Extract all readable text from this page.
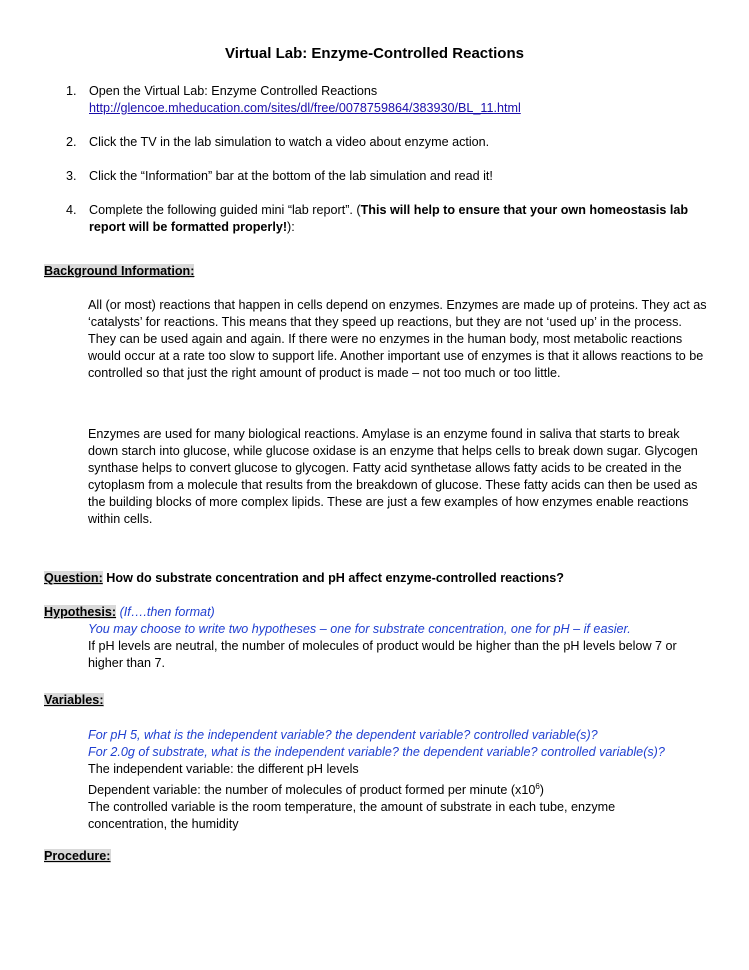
Virtual Lab: Enzyme-Controlled Reactions
1. Open the Virtual Lab: Enzyme Controlled Reactions
http://glencoe.mheducation.com/sites/dl/free/0078759864/383930/BL_11.html
2. Click the TV in the lab simulation to watch a video about enzyme action.
3. Click the “Information” bar at the bottom of the lab simulation and read it!
4. Complete the following guided mini “lab report”. (This will help to ensure that your own homeostasis lab report will be formatted properly!):
Background Information:

All (or most) reactions that happen in cells depend on enzymes. Enzymes are made up of proteins. They act as ‘catalysts’ for reactions. This means that they speed up reactions, but they are not ‘used up’ in the process. They can be used again and again. If there were no enzymes in the human body, most metabolic reactions would occur at a rate too slow to support life. Another important use of enzymes is that it allows reactions to be controlled so that just the right amount of product is made – not too much or too little.

Enzymes are used for many biological reactions. Amylase is an enzyme found in saliva that starts to break down starch into glucose, while glucose oxidase is an enzyme that helps cells to break down sugar. Glycogen synthase helps to convert glucose to glycogen. Fatty acid synthetase allows fatty acids to be created in the cytoplasm from a molecule that results from the breakdown of glucose. These fatty acids can then be used as the building blocks of more complex lipids. These are just a few examples of how enzymes enable reactions within cells.

Question: How do substrate concentration and pH affect enzyme-controlled reactions?
Hypothesis: (If….then format)
You may choose to write two hypotheses – one for substrate concentration, one for pH – if easier.
If pH levels are neutral, the number of molecules of product would be higher than the pH levels below 7 or higher than 7.
Variables:
For pH 5, what is the independent variable? the dependent variable? controlled variable(s)?
For 2.0g of substrate, what is the independent variable? the dependent variable? controlled variable(s)?
The independent variable: the different pH levels
Dependent variable: the number of molecules of product formed per minute $(x10^6)$
The controlled variable is the room temperature, the amount of substrate in each tube, enzyme concentration, the humidity
Procedure:
